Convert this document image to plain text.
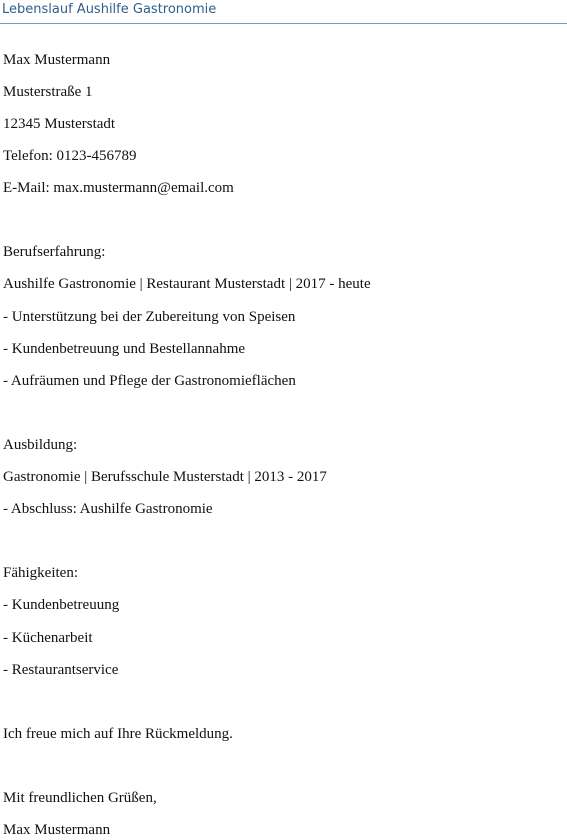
Lebenslauf Aushilfe Gastronomie
Max Mustermann
Musterstraße 1
12345 Musterstadt
Telefon: 0123-456789
E-Mail: max.mustermann@email.com
Berufserfahrung:
Aushilfe Gastronomie | Restaurant Musterstadt | 2017 - heute
- Unterstützung bei der Zubereitung von Speisen
- Kundenbetreuung und Bestellannahme
- Aufräumen und Pflege der Gastronomieflächen
Ausbildung:
Gastronomie | Berufsschule Musterstadt | 2013 - 2017
- Abschluss: Aushilfe Gastronomie
Fähigkeiten:
- Kundenbetreuung
- Küchenarbeit
- Restaurantservice
Ich freue mich auf Ihre Rückmeldung.
Mit freundlichen Grüßen,
Max Mustermann
